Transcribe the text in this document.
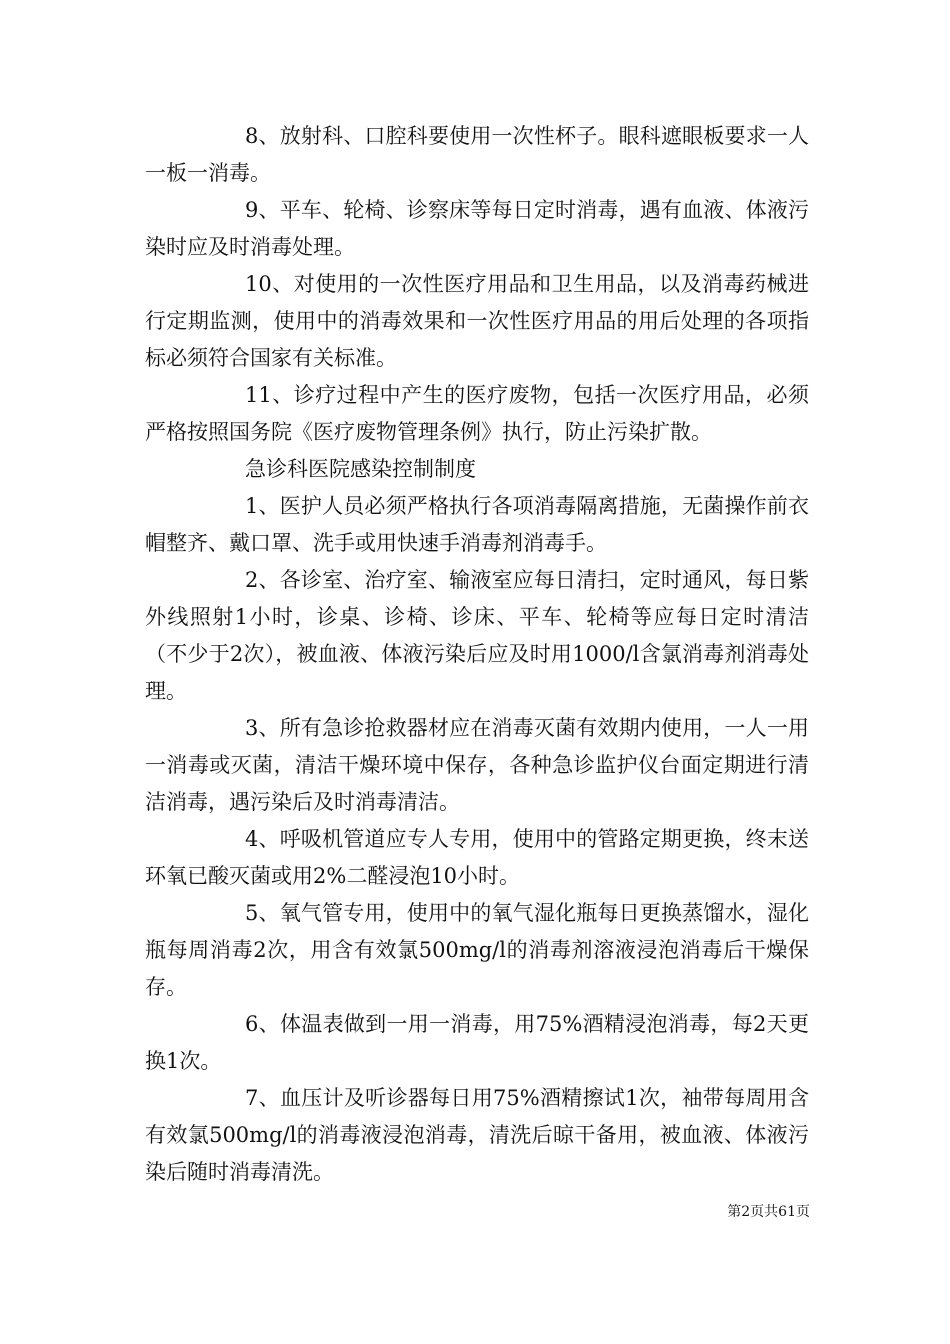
8、放射科、口腔科要使用一次性杯子。眼科遮眼板要求一人一板一消毒。

9、平车、轮椅、诊察床等每日定时消毒，遇有血液、体液污染时应及时消毒处理。

10、对使用的一次性医疗用品和卫生用品，以及消毒药械进行定期监测，使用中的消毒效果和一次性医疗用品的用后处理的各项指标必须符合国家有关标准。

11、诊疗过程中产生的医疗废物，包括一次医疗用品，必须严格按照国务院《医疗废物管理条例》执行，防止污染扩散。

急诊科医院感染控制制度

1、医护人员必须严格执行各项消毒隔离措施，无菌操作前衣帽整齐、戴口罩、洗手或用快速手消毒剂消毒手。

2、各诊室、治疗室、输液室应每日清扫，定时通风，每日紫外线照射1小时，诊桌、诊椅、诊床、平车、轮椅等应每日定时清洁（不少于2次），被血液、体液污染后应及时用1000/l含氯消毒剂消毒处理。

3、所有急诊抢救器材应在消毒灭菌有效期内使用，一人一用一消毒或灭菌，清洁干燥环境中保存，各种急诊监护仪台面定期进行清洁消毒，遇污染后及时消毒清洁。

4、呼吸机管道应专人专用，使用中的管路定期更换，终末送环氧已酸灭菌或用2%二醛浸泡10小时。

5、氧气管专用，使用中的氧气湿化瓶每日更换蒸馏水，湿化瓶每周消毒2次，用含有效氯500mg/l的消毒剂溶液浸泡消毒后干燥保存。

6、体温表做到一用一消毒，用75%酒精浸泡消毒，每2天更换1次。

7、血压计及听诊器每日用75%酒精擦试1次，袖带每周用含有效氯500mg/l的消毒液浸泡消毒，清洗后晾干备用，被血液、体液污染后随时消毒清洗。

第2页共61页
